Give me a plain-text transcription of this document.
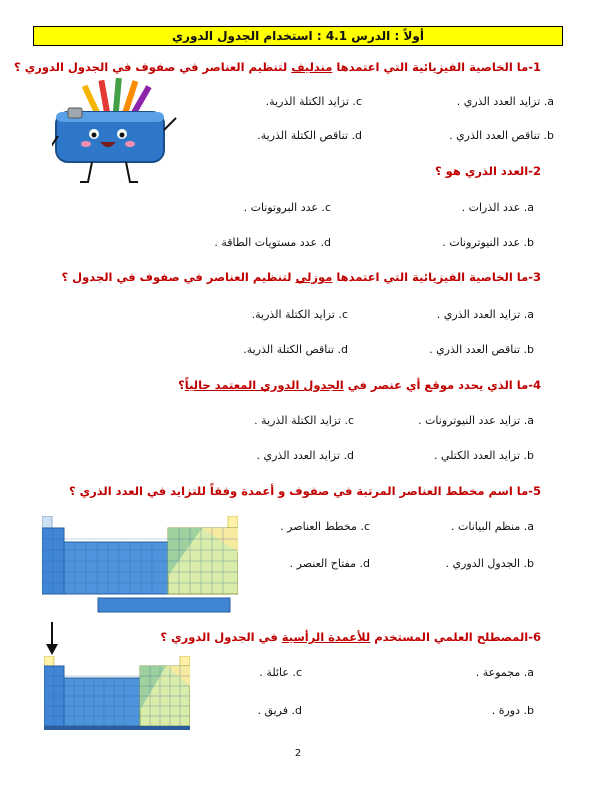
أولاً : الدرس 4.1 : استخدام الجدول الدوري
1-ما الخاصية الفيزيائية التي اعتمدها مندليف لتنظيم العناصر في صفوف في الجدول الدوري ؟
a. تزايد العدد الذري .
b. تناقص العدد الذري .
c. تزايد الكتلة الذرية.
d. تناقص الكتلة الذرية.
2-العدد الذري هو ؟
a. عدد الذرات .
b. عدد النيوترونات .
c. عدد البروتونات .
d. عدد مستويات الطاقة .
3-ما الخاصية الفيزيائية التي اعتمدها موزلي لتنظيم العناصر في صفوف في الجدول ؟
a. تزايد العدد الذري .
b. تناقص العدد الذري .
c. تزايد الكتلة الذرية.
d. تناقص الكتلة الذرية.
4-ما الذي يحدد موقع أي عنصر في الجدول الدوري المعتمد حالياً؟
a. تزايد عدد النيوترونات .
b. تزايد العدد الكتلي .
c. تزايد الكتلة الذرية .
d. تزايد العدد الذري .
5-ما اسم مخطط العناصر المرتبة في صفوف و أعمدة وفقاً للتزايد في العدد الذري ؟
a. منظم البيانات .
b. الجدول الدوري .
c. مخطط العناصر .
d. مفتاح العنصر .
6-المصطلح العلمي المستخدم للأعمدة الرأسية في الجدول الدوري ؟
a. مجموعة .
b. دورة .
c. عائلة .
d. فريق .
2
